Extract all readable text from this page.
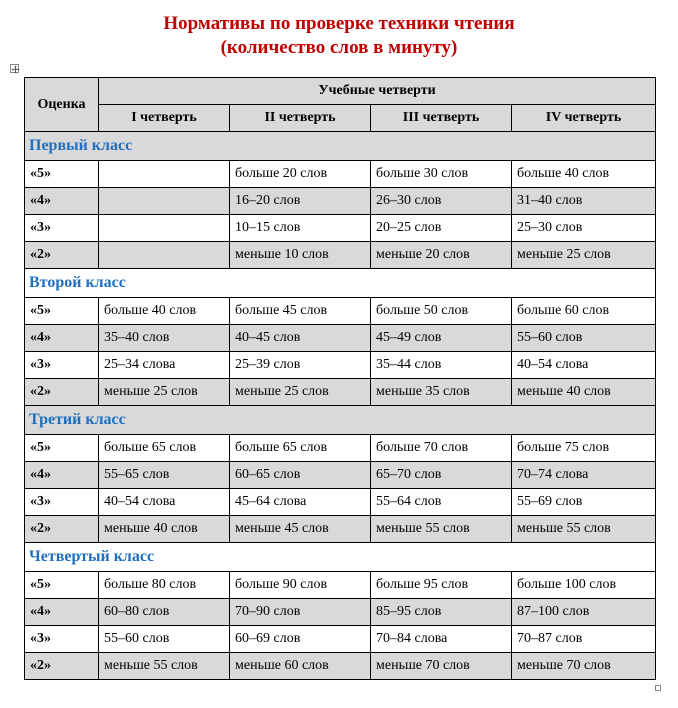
Нормативы по проверке техники чтения
(количество слов в минуту)
Оценка	Учебные четверти			
	I четверть	II четверть	III четверть	IV четверть
Первый класс				
«5»		больше 20 слов	больше 30 слов	больше 40 слов
«4»		16–20 слов	26–30 слов	31–40 слов
«3»		10–15 слов	20–25 слов	25–30 слов
«2»		меньше 10 слов	меньше 20 слов	меньше 25 слов
Второй класс				
«5»	больше 40 слов	больше 45 слов	больше 50 слов	больше 60 слов
«4»	35–40 слов	40–45 слов	45–49 слов	55–60 слов
«3»	25–34 слова	25–39 слов	35–44 слов	40–54 слова
«2»	меньше 25 слов	меньше 25 слов	меньше 35 слов	меньше 40 слов
Третий класс				
«5»	больше 65 слов	больше 65 слов	больше 70 слов	больше 75 слов
«4»	55–65 слов	60–65 слов	65–70 слов	70–74 слова
«3»	40–54 слова	45–64 слова	55–64 слов	55–69 слов
«2»	меньше 40 слов	меньше 45 слов	меньше 55 слов	меньше 55 слов
Четвертый класс				
«5»	больше 80 слов	больше 90 слов	больше 95 слов	больше 100 слов
«4»	60–80 слов	70–90 слов	85–95 слов	87–100 слов
«3»	55–60 слов	60–69 слов	70–84 слова	70–87 слов
«2»	меньше 55 слов	меньше 60 слов	меньше 70 слов	меньше 70 слов
